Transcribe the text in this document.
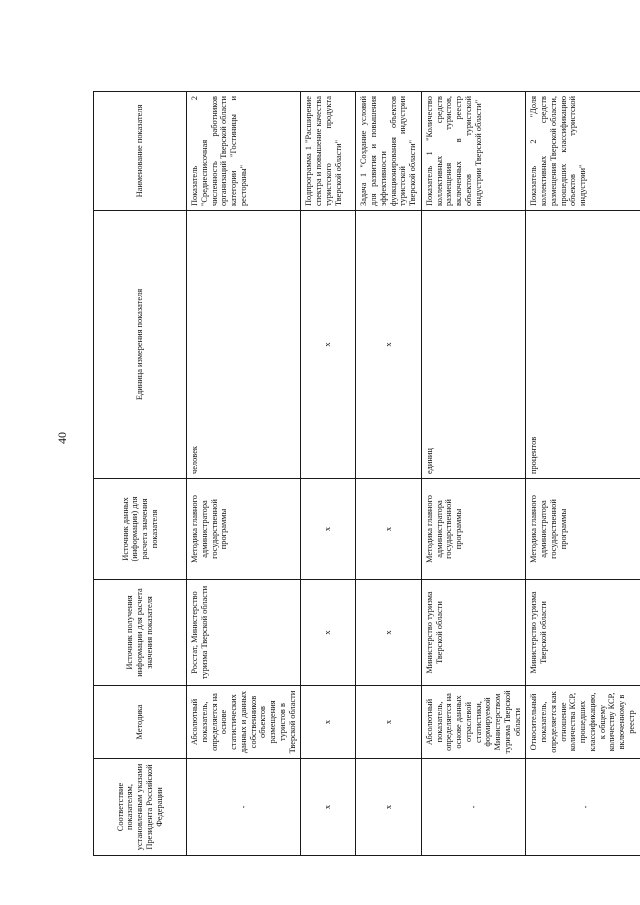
40
Соответствие показателям, установленным указами Президента Российской Федерации	Методика	Источник получения информации для расчета значения показателя	Источник данных (информации) для расчета значения показателя	Единица измерения показателя	Наименование показателя
-	Абсолютный показатель, определяется на основе статистических данных и данных собственников объектов размещения туристов в Тверской области	Росстат, Министерство туризма Тверской области	Методика главного администратора государственной программы	человек	Показатель 2 "Среднесписочная численность работников организаций Тверской области категории "Гостиницы и рестораны"
x	x	x	x	x	Подпрограмма 1 "Расширение спектра и повышение качества туристского продукта Тверской области"
x	x	x	x	x	Задача 1 "Создание условий для развития и повышения эффективности функционирования объектов туристской индустрии Тверской области"
-	Абсолютный показатель, определяется на основе данных отраслевой статистики, формируемой Министерством туризма Тверской области	Министерство туризма Тверской области	Методика главного администратора государственной программы	единиц	Показатель 1 "Количество коллективных средств размещения туристов, включенных в реестр объектов туристской индустрии Тверской области"
-	Относительный показатель, определяется как отношение количества КСР, прошедших классификацию, к общему количеству КСР, включенному в реестр	Министерство туризма Тверской области	Методика главного администратора государственной программы	процентов	Показатель 2 "Доля коллективных средств размещения Тверской области, прошедших классификацию объектов туристской индустрии"
